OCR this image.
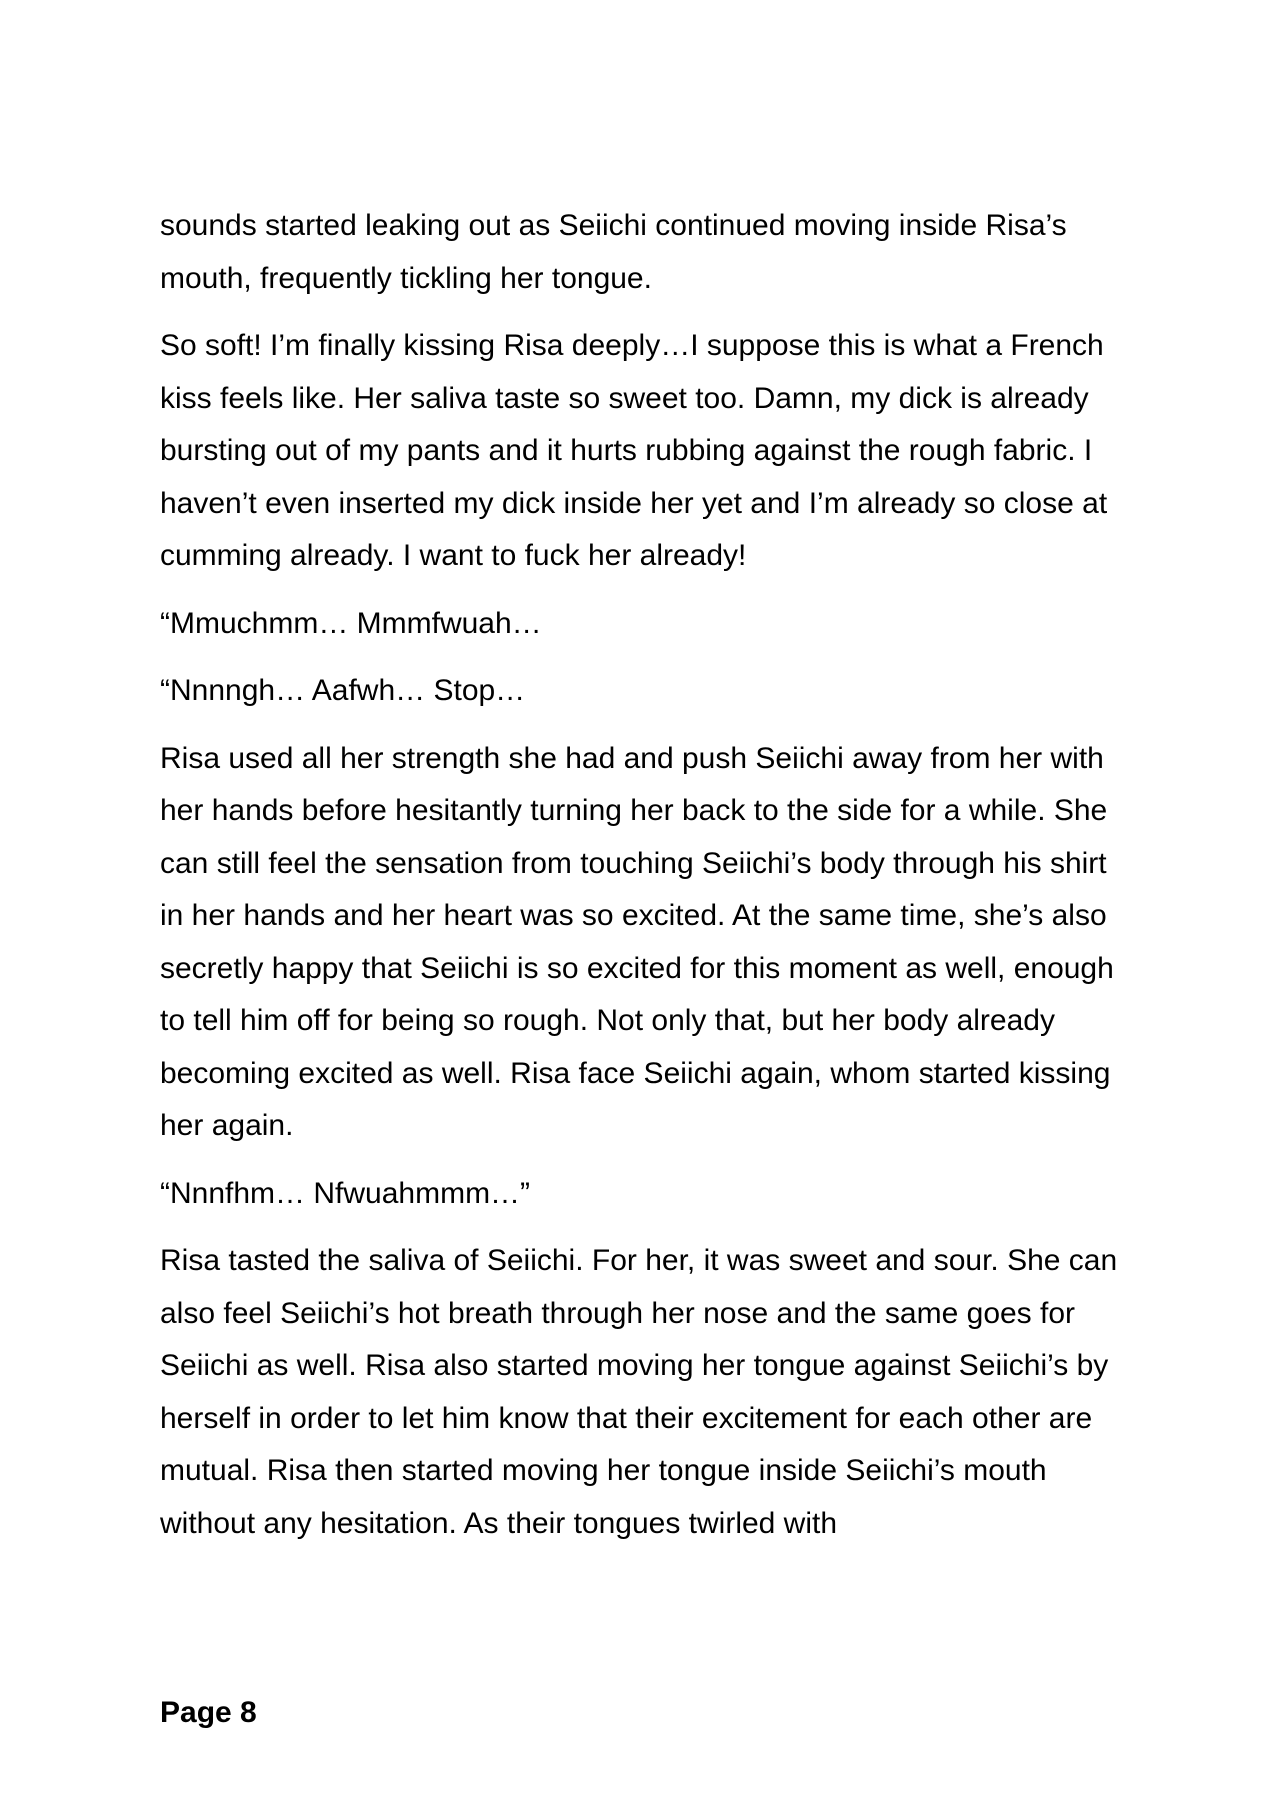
sounds started leaking out as Seiichi continued moving inside Risa’s mouth, frequently tickling her tongue.

So soft! I’m finally kissing Risa deeply…I suppose this is what a French kiss feels like. Her saliva taste so sweet too. Damn, my dick is already bursting out of my pants and it hurts rubbing against the rough fabric. I haven’t even inserted my dick inside her yet and I’m already so close at cumming already. I want to fuck her already!

“Mmuchmm… Mmmfwuah…

“Nnnngh… Aafwh… Stop…

Risa used all her strength she had and push Seiichi away from her with her hands before hesitantly turning her back to the side for a while. She can still feel the sensation from touching Seiichi’s body through his shirt in her hands and her heart was so excited. At the same time, she’s also secretly happy that Seiichi is so excited for this moment as well, enough to tell him off for being so rough. Not only that, but her body already becoming excited as well. Risa face Seiichi again, whom started kissing her again.

“Nnnfhm… Nfwuahmmm…”

Risa tasted the saliva of Seiichi. For her, it was sweet and sour. She can also feel Seiichi’s hot breath through her nose and the same goes for Seiichi as well. Risa also started moving her tongue against Seiichi’s by herself in order to let him know that their excitement for each other are mutual. Risa then started moving her tongue inside Seiichi’s mouth without any hesitation. As their tongues twirled with

Page 8
